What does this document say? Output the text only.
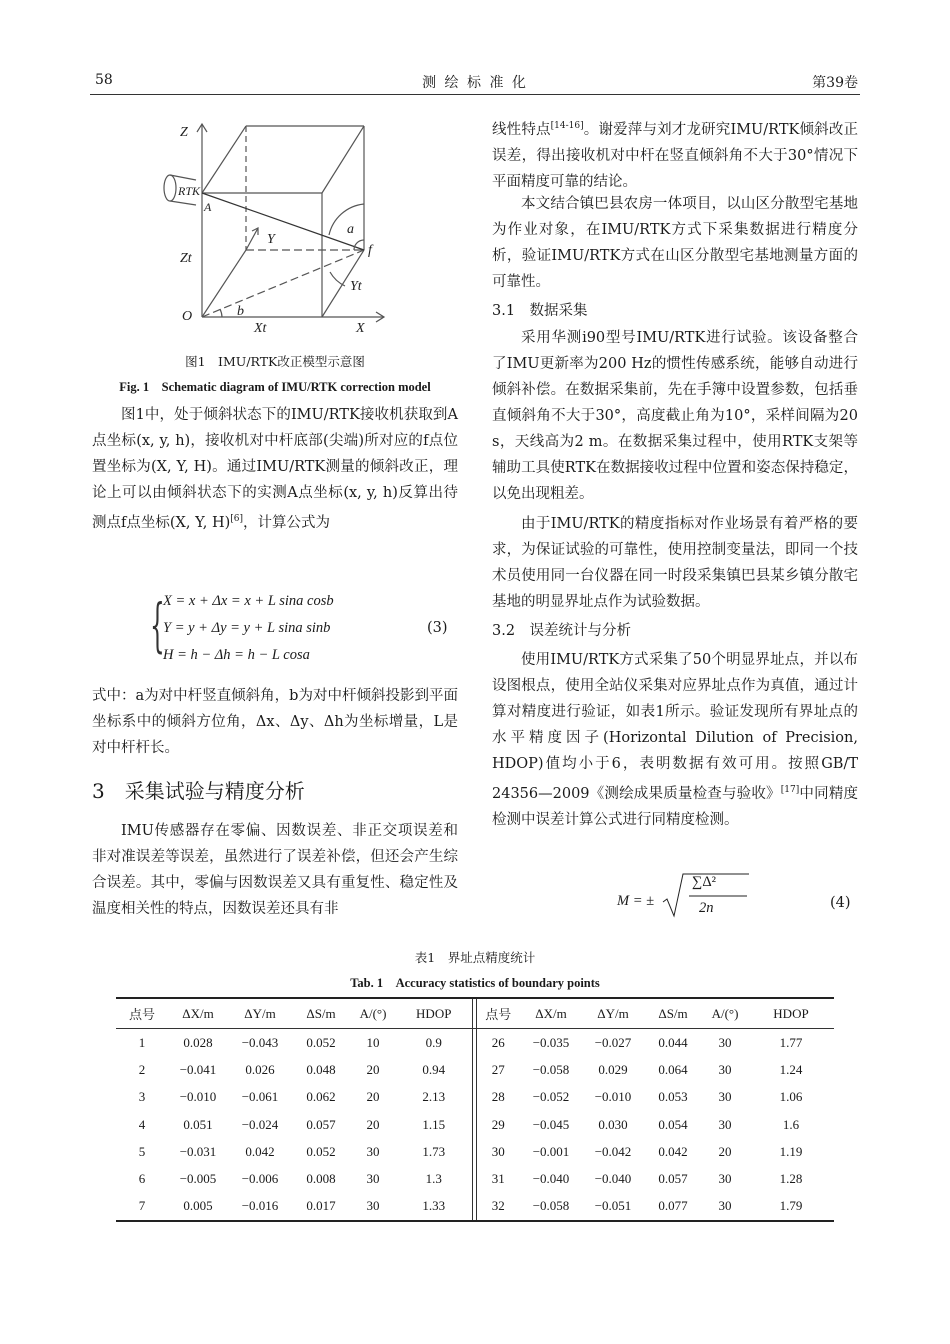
58	测 绘 标 准 化	第39卷
Z
RTK
A
Y
a
f
Zt
Yt
O	b
Xt	X
图1　IMU/RTK改正模型示意图
Fig. 1　Schematic diagram of IMU/RTK correction model
图1中，处于倾斜状态下的IMU/RTK接收机获取到A点坐标(x, y, h)，接收机对中杆底部(尖端)所对应的f点位置坐标为(X, Y, H)。通过IMU/RTK测量的倾斜改正，理论上可以由倾斜状态下的实测A点坐标(x, y, h)反算出待测点f点坐标(X, Y, H)[6]，计算公式为
{
X = x + Δx = x + L sina cosb
Y = y + Δy = y + L sina sinb
H = h − Δh = h − L cosa
(3)
式中：a为对中杆竖直倾斜角，b为对中杆倾斜投影到平面坐标系中的倾斜方位角，Δx、Δy、Δh为坐标增量，L是对中杆杆长。
3　采集试验与精度分析
IMU传感器存在零偏、因数误差、非正交项误差和非对准误差等误差，虽然进行了误差补偿，但还会产生综合误差。其中，零偏与因数误差又具有重复性、稳定性及温度相关性的特点，因数误差还具有非
线性特点[14-16]。谢爱萍与刘才龙研究IMU/RTK倾斜改正误差，得出接收机对中杆在竖直倾斜角不大于30°情况下平面精度可靠的结论。
本文结合镇巴县农房一体项目，以山区分散型宅基地为作业对象，在IMU/RTK方式下采集数据进行精度分析，验证IMU/RTK方式在山区分散型宅基地测量方面的可靠性。
3.1　数据采集
采用华测i90型号IMU/RTK进行试验。该设备整合了IMU更新率为200 Hz的惯性传感系统，能够自动进行倾斜补偿。在数据采集前，先在手簿中设置参数，包括垂直倾斜角不大于30°，高度截止角为10°，采样间隔为20 s，天线高为2 m。在数据采集过程中，使用RTK支架等辅助工具使RTK在数据接收过程中位置和姿态保持稳定，以免出现粗差。
由于IMU/RTK的精度指标对作业场景有着严格的要求，为保证试验的可靠性，使用控制变量法，即同一个技术员使用同一台仪器在同一时段采集镇巴县某乡镇分散宅基地的明显界址点作为试验数据。
3.2　误差统计与分析
使用IMU/RTK方式采集了50个明显界址点，并以布设图根点，使用全站仪采集对应界址点作为真值，通过计算对精度进行验证，如表1所示。验证发现所有界址点的水平精度因子(Horizontal Dilution of Precision, HDOP)值均小于6，表明数据有效可用。按照GB/T 24356—2009《测绘成果质量检查与验收》[17]中同精度检测中误差计算公式进行同精度检测。
M = ±
∑Δ²
2n	(4)
表1　界址点精度统计
Tab. 1　Accuracy statistics of boundary points
点号	ΔX/m	ΔY/m	ΔS/m	A/(°)	HDOP		点号	ΔX/m	ΔY/m	ΔS/m	A/(°)	HDOP
1	0.028	−0.043	0.052	10	0.9		26	−0.035	−0.027	0.044	30	1.77
2	−0.041	0.026	0.048	20	0.94		27	−0.058	0.029	0.064	30	1.24
3	−0.010	−0.061	0.062	20	2.13		28	−0.052	−0.010	0.053	30	1.06
4	0.051	−0.024	0.057	20	1.15		29	−0.045	0.030	0.054	30	1.6
5	−0.031	0.042	0.052	30	1.73		30	−0.001	−0.042	0.042	20	1.19
6	−0.005	−0.006	0.008	30	1.3		31	−0.040	−0.040	0.057	30	1.28
7	0.005	−0.016	0.017	30	1.33		32	−0.058	−0.051	0.077	30	1.79
